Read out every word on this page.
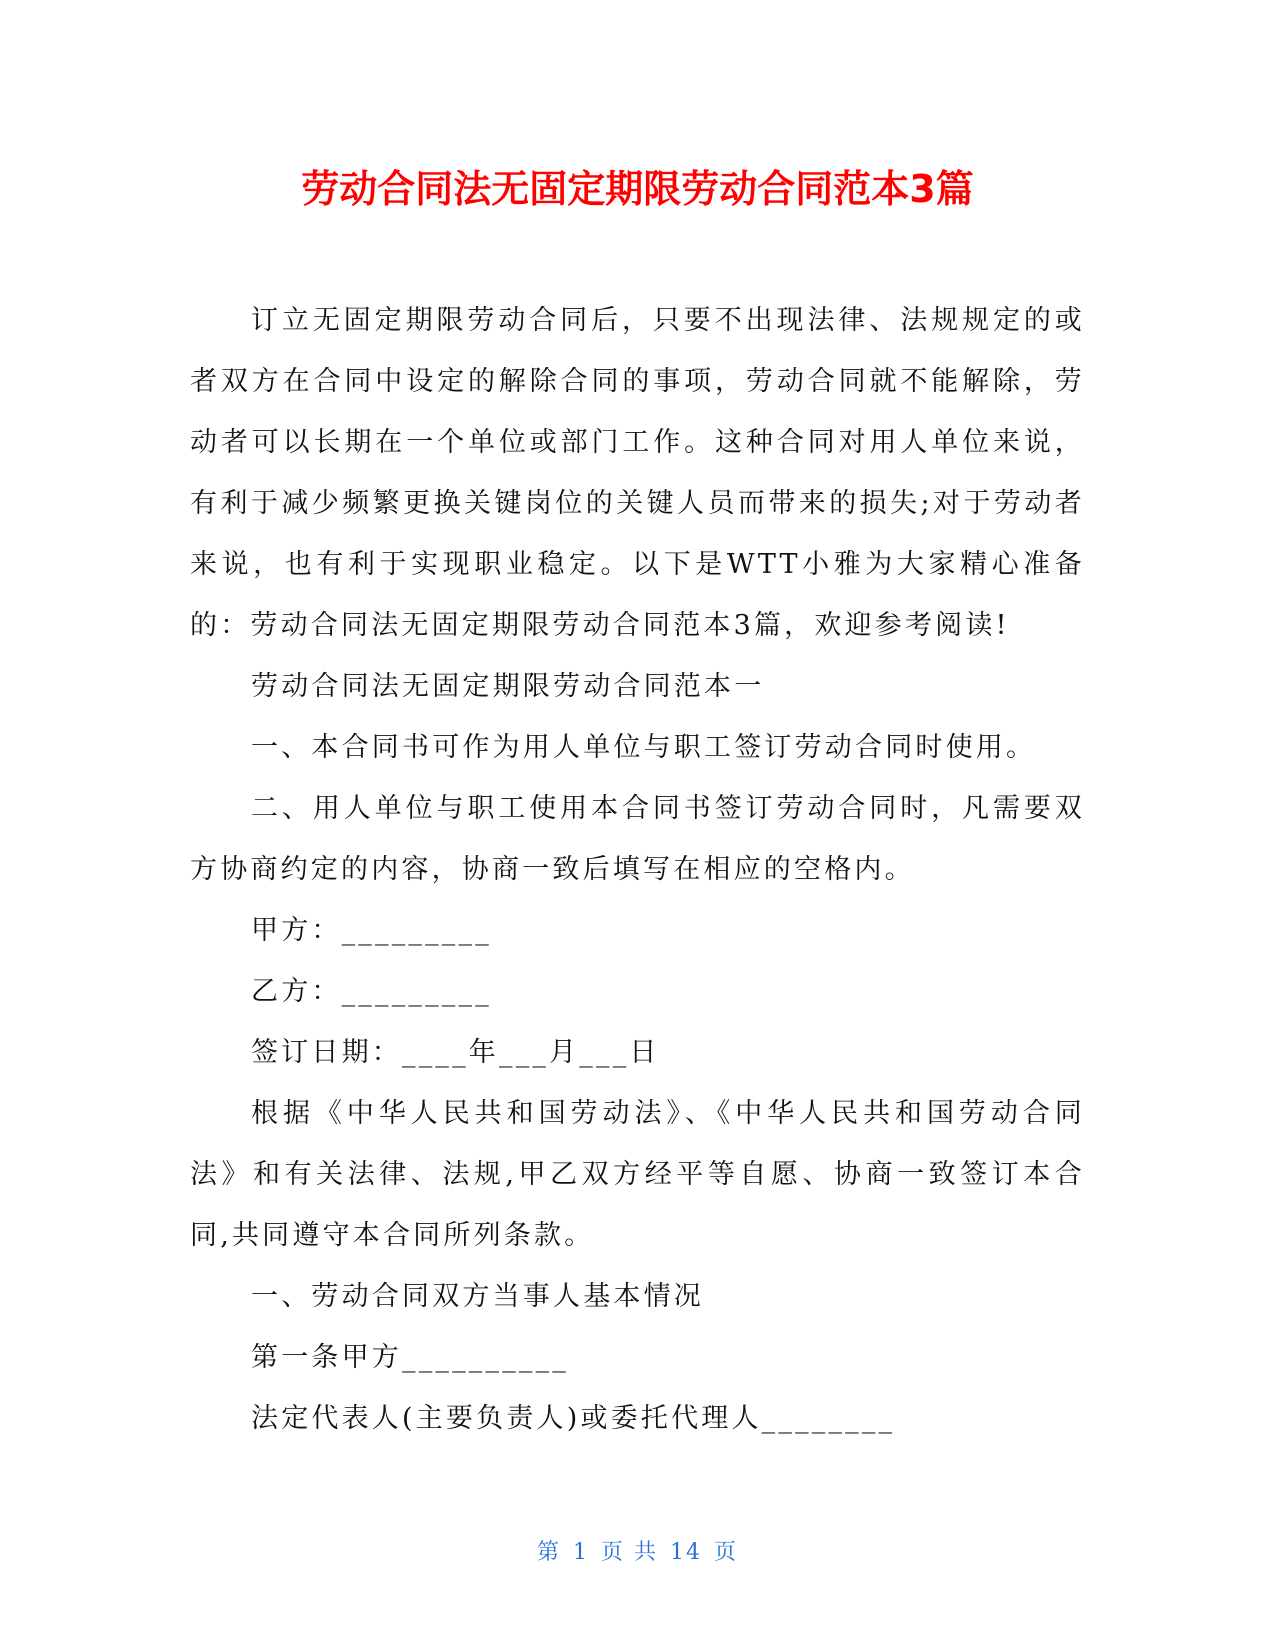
劳动合同法无固定期限劳动合同范本3篇

订立无固定期限劳动合同后，只要不出现法律、法规规定的或者双方在合同中设定的解除合同的事项，劳动合同就不能解除，劳动者可以长期在一个单位或部门工作。这种合同对用人单位来说，有利于减少频繁更换关键岗位的关键人员而带来的损失;对于劳动者来说，也有利于实现职业稳定。以下是WTT小雅为大家精心准备的：劳动合同法无固定期限劳动合同范本3篇，欢迎参考阅读!

劳动合同法无固定期限劳动合同范本一

一、本合同书可作为用人单位与职工签订劳动合同时使用。

二、用人单位与职工使用本合同书签订劳动合同时，凡需要双方协商约定的内容，协商一致后填写在相应的空格内。

甲方：_________

乙方：_________

签订日期：____年___月___日

根据《中华人民共和国劳动法》、《中华人民共和国劳动合同法》和有关法律、法规,甲乙双方经平等自愿、协商一致签订本合同,共同遵守本合同所列条款。

一、劳动合同双方当事人基本情况

第一条甲方__________

法定代表人(主要负责人)或委托代理人________

第 1 页 共 14 页
